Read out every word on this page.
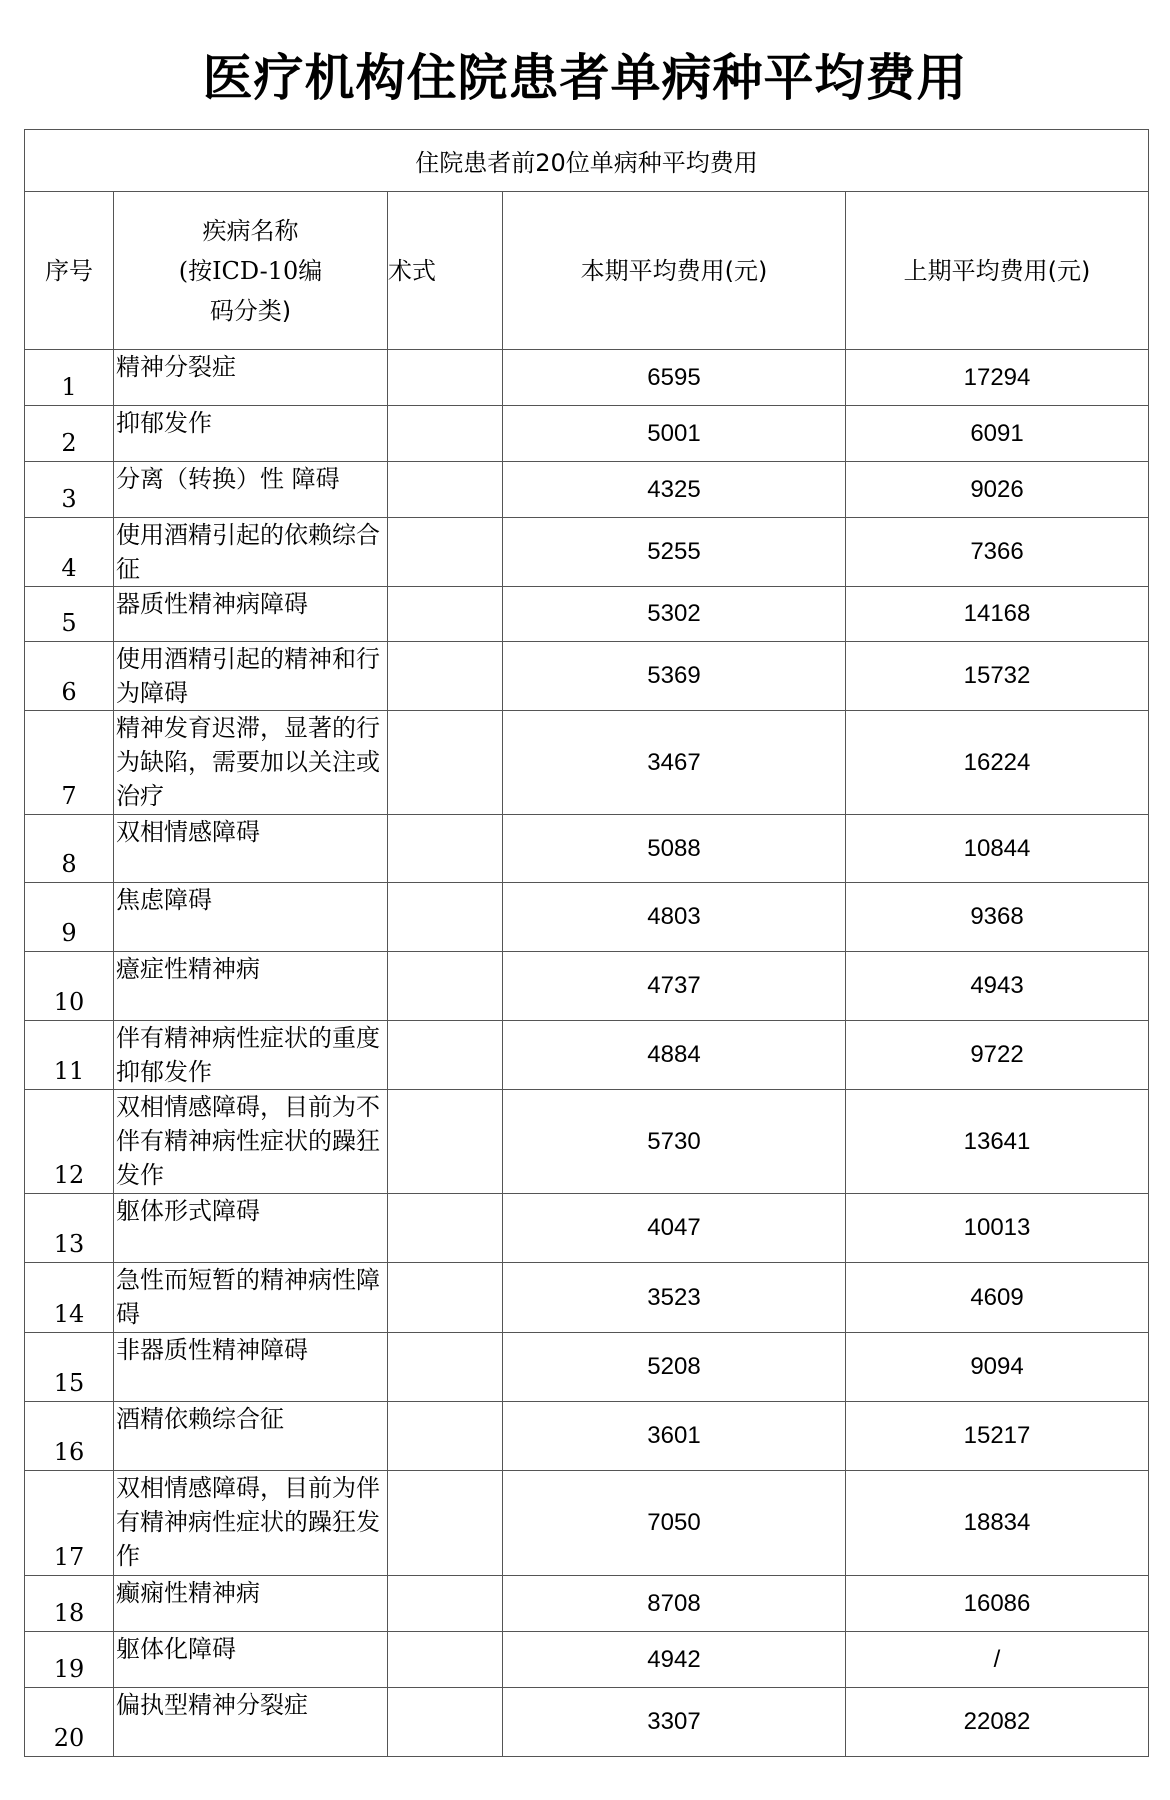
医疗机构住院患者单病种平均费用
住院患者前20位单病种平均费用				
序号	疾病名称
(按ICD-10编
码分类)	术式	本期平均费用(元)	上期平均费用(元)
1	精神分裂症		6595	17294
2	抑郁发作		5001	6091
3	分离（转换）性 障碍		4325	9026
4	使用酒精引起的依赖综合征		5255	7366
5	器质性精神病障碍		5302	14168
6	使用酒精引起的精神和行为障碍		5369	15732
7	精神发育迟滞，显著的行为缺陷，需要加以关注或治疗		3467	16224
8	双相情感障碍		5088	10844
9	焦虑障碍		4803	9368
10	癔症性精神病		4737	4943
11	伴有精神病性症状的重度抑郁发作		4884	9722
12	双相情感障碍，目前为不伴有精神病性症状的躁狂发作		5730	13641
13	躯体形式障碍		4047	10013
14	急性而短暂的精神病性障碍		3523	4609
15	非器质性精神障碍		5208	9094
16	酒精依赖综合征		3601	15217
17	双相情感障碍，目前为伴有精神病性症状的躁狂发作		7050	18834
18	癫痫性精神病		8708	16086
19	躯体化障碍		4942	/
20	偏执型精神分裂症		3307	22082
